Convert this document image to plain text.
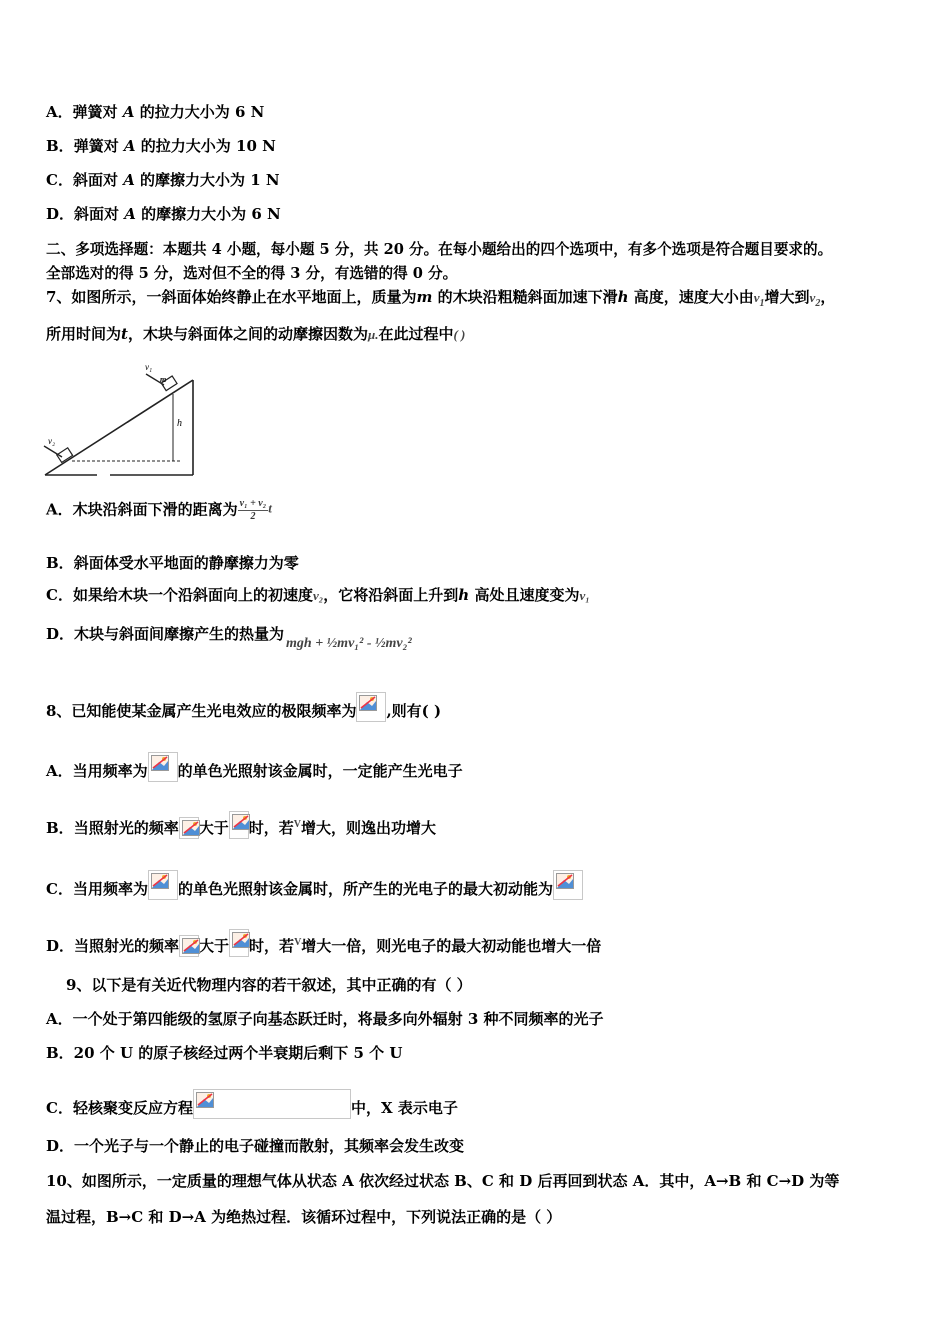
A．弹簧对 A 的拉力大小为 6 N
B．弹簧对 A 的拉力大小为 10 N
C．斜面对 A 的摩擦力大小为 1 N
D．斜面对 A 的摩擦力大小为 6 N
二、多项选择题：本题共 4 小题，每小题 5 分，共 20 分。在每小题给出的四个选项中，有多个选项是符合题目要求的。
全部选对的得 5 分，选对但不全的得 3 分，有选错的得 0 分。
7、如图所示，一斜面体始终静止在水平地面上，质量为m 的木块沿粗糙斜面加速下滑h 高度，速度大小由$v_1$增大到$v_2$，
所用时间为t，木块与斜面体之间的动摩擦因数为μ.在此过程中( )
v₁
m
h
v₂
A．木块沿斜面下滑的距离为 $\frac{\text{v₁ + v₂}}{2}$ t
B．斜面体受水平地面的静摩擦力为零
C．如果给木块一个沿斜面向上的初速度v₂，它将沿斜面上升到h 高处且速度变为v₁
D．木块与斜面间摩擦产生的热量为mgh + ½mv₁² - ½mv₂²
8、已知能使某金属产生光电效应的极限频率为 ,则有( )
A．当用频率为 的单色光照射该金属时，一定能产生光电子
B．当照射光的频率 大于 时，若$^V$增大，则逸出功增大
C．当用频率为 的单色光照射该金属时，所产生的光电子的最大初动能为
D．当照射光的频率 大于 时，若$^V$增大一倍，则光电子的最大初动能也增大一倍
9、以下是有关近代物理内容的若干叙述，其中正确的有（ ）
A．一个处于第四能级的氢原子向基态跃迁时，将最多向外辐射 3 种不同频率的光子
B．20 个 U 的原子核经过两个半衰期后剩下 5 个 U
C．轻核聚变反应方程	中，X 表示电子
D．一个光子与一个静止的电子碰撞而散射，其频率会发生改变
10、如图所示，一定质量的理想气体从状态 A 依次经过状态 B、C 和 D 后再回到状态 A．其中，A→B 和 C→D 为等
温过程，B→C 和 D→A 为绝热过程．该循环过程中，下列说法正确的是（ ）
